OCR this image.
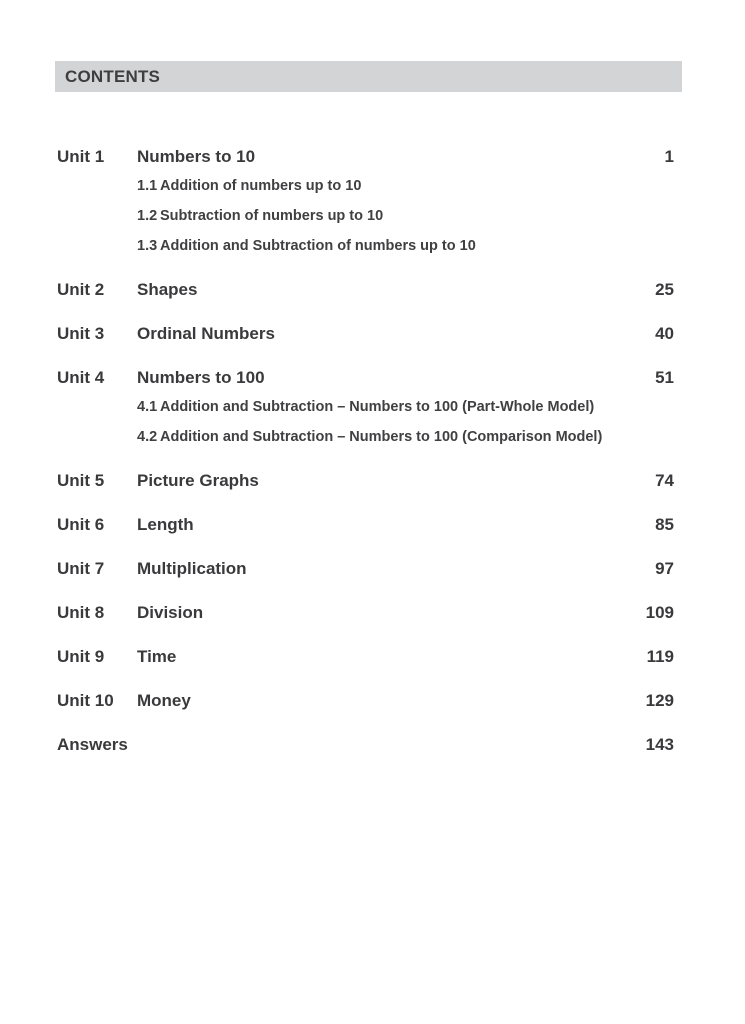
CONTENTS
Unit 1	Numbers to 10	1
1.1 Addition of numbers up to 10
1.2 Subtraction of numbers up to 10
1.3 Addition and Subtraction of numbers up to 10
Unit 2	Shapes	25
Unit 3	Ordinal Numbers	40
Unit 4	Numbers to 100	51
4.1 Addition and Subtraction – Numbers to 100 (Part-Whole Model)
4.2 Addition and Subtraction – Numbers to 100 (Comparison Model)
Unit 5	Picture Graphs	74
Unit 6	Length	85
Unit 7	Multiplication	97
Unit 8	Division	109
Unit 9	Time	119
Unit 10	Money	129
Answers	143
